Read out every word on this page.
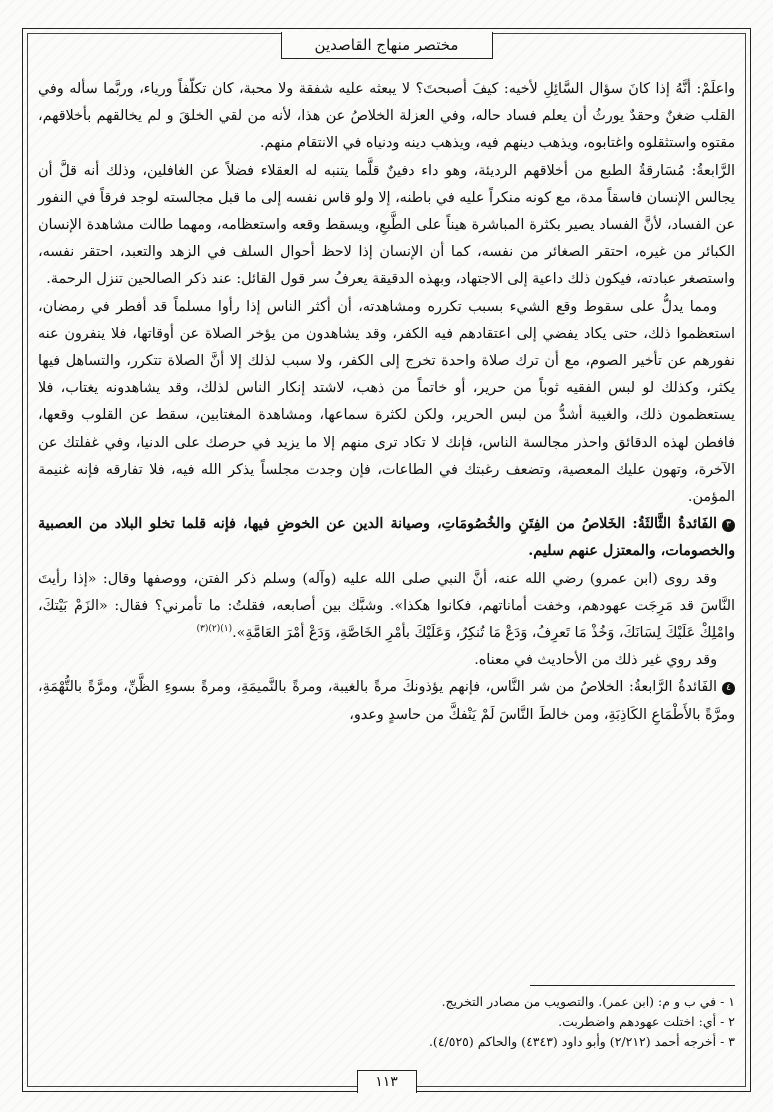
مختصر منهاج القاصدين

واعلَمْ: أنَّهُ إذا كانَ سؤال السَّائِلِ لأخيه: كيفَ أصبحتَ؟ لا يبعثه عليه شفقة ولا محبة، كان تكلّفاً ورياء، وربَّما سأله وفي القلب ضغنٌ وحقدٌ يورثُ أن يعلم فساد حاله، وفي العزلة الخلاصُ عن هذا، لأنه من لقي الخلقَ و لم يخالقهم بأخلاقهم، مقتوه واستثقلوه واغتابوه، ويذهب دينهم فيه، ويذهب دينه ودنياه في الانتقام منهم.

الرَّابعةُ: مُسَارقةُ الطبع من أخلاقهم الرديئة، وهو داء دفينٌ قلَّما يتنبه له العقلاء فضلاً عن الغافلين، وذلك أنه قلَّ أن يجالس الإنسان فاسقاً مدة، مع كونه منكراً عليه في باطنه، إلا ولو قاس نفسه إلى ما قبل مجالسته لوجد فرقاً في النفور عن الفساد، لأنَّ الفساد يصير بكثرة المباشرة هيناً على الطَّبعِ، ويسقط وقعه واستعظامه، ومهما طالت مشاهدة الإنسان الكبائر من غيره، احتقر الصغائر من نفسه، كما أن الإنسان إذا لاحظ أحوال السلف في الزهد والتعبد، احتقر نفسه، واستصغر عبادته، فيكون ذلك داعية إلى الاجتهاد، وبهذه الدقيقة يعرفُ سر قول القائل: عند ذكر الصالحين تنزل الرحمة.

ومما يدلُّ على سقوط وقع الشيء بسبب تكرره ومشاهدته، أن أكثر الناس إذا رأوا مسلماً قد أفطر في رمضان، استعظموا ذلك، حتى يكاد يفضي إلى اعتقادهم فيه الكفر، وقد يشاهدون من يؤخر الصلاة عن أوقاتها، فلا ينفرون عنه نفورهم عن تأخير الصوم، مع أن ترك صلاة واحدة تخرج إلى الكفر، ولا سبب لذلك إلا أنَّ الصلاة تتكرر، والتساهل فيها يكثر، وكذلك لو لبس الفقيه ثوباً من حرير، أو خاتماً من ذهب، لاشتد إنكار الناس لذلك، وقد يشاهدونه يغتاب، فلا يستعظمون ذلك، والغيبة أشدُّ من لبس الحرير، ولكن لكثرة سماعها، ومشاهدة المغتابين، سقط عن القلوب وقعها، فافطن لهذه الدقائق واحذر مجالسة الناس، فإنك لا تكاد ترى منهم إلا ما يزيد في حرصك على الدنيا، وفي غفلتك عن الآخرة، وتهون عليك المعصية، وتضعف رغبتك في الطاعات، فإن وجدت مجلساً يذكر الله فيه، فلا تفارقه فإنه غنيمة المؤمن.

٣الفَائدةُ الثَّالثَةُ: الخَلاصُ من الفِتَنِ والخُصُومَاتِ، وصيانة الدين عن الخوضِ فيها، فإنه قلما تخلو البلاد من العصبية والخصومات، والمعتزل عنهم سليم.

وقد روى (ابن عمرو) رضي الله عنه، أنَّ النبي صلى الله عليه (وآله) وسلم ذكر الفتن، ووصفها وقال: «إذا رأيتَ النَّاسَ قد مَرِجَت عهودهم، وخفت أماناتهم، فكانوا هكذا». وشبَّك بين أصابعه، فقلتُ: ما تأمرني؟ فقال: «الزَمْ بَيْتكَ، وامْلِكْ عَلَيْكَ لِسَانَكَ، وَخُذْ مَا تَعرِفُ، وَدَعْ مَا تُنكِرُ، وَعَلَيْكَ بأمْرِ الخَاصَّةِ، وَدَعْ أمْرَ العَامَّةِ».$^{(١)(٢)(٣)}$

وقد روي غير ذلك من الأحاديث في معناه.

٤الفَائدةُ الرَّابعةُ: الخلاصُ من شر النَّاس، فإنهم يؤذونكَ مرةً بالغيبة، ومرةً بالنَّميمَةِ، ومرةً بسوءِ الظَّنِّ، ومرَّةً بالتُّهْمَةِ، ومرَّةً بالأَطْمَاعِ الكَاذِبَةِ، ومن خالطَ النَّاسَ لَمْ يَنْفكَّ من حاسدٍ وعدو،

١ - في ب و م: (ابن عمر). والتصويب من مصادر التخريج.
٢ - أي: اختلت عهودهم واضطربت.
٣ - أخرجه أحمد (٢/٢١٢) وأبو داود (٤٣٤٣) والحاكم (٤/٥٢٥).
١١٣
